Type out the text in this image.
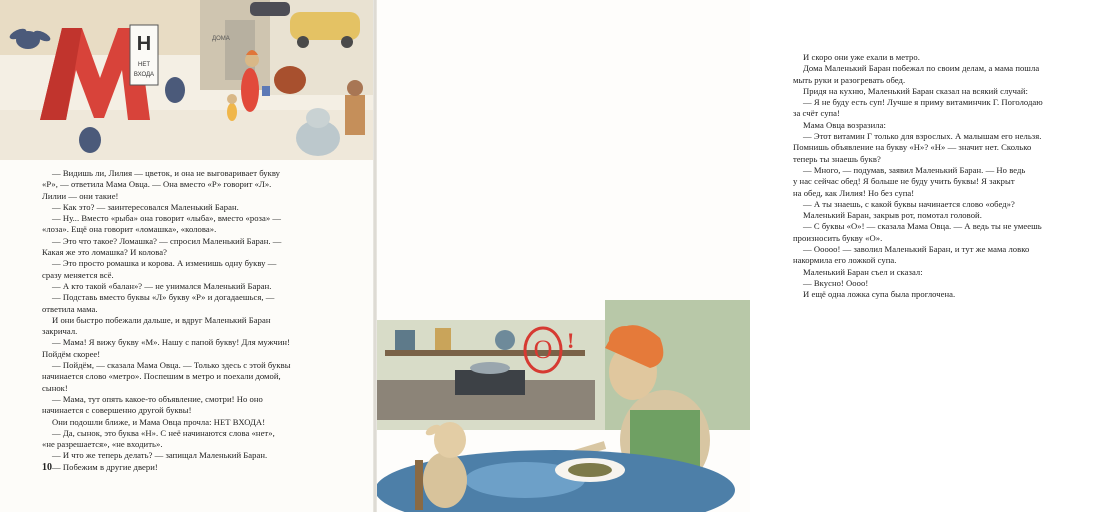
Н
НЕТ
ВХОДА
ДОМА

— Видишь ли, Лилия — цветок, и она не выговаривает букву

«Р», — ответила Мама Овца. — Она вместо «Р» говорит «Л».

Лилии — они такие!

— Как это? — заинтересовался Маленький Баран.

— Ну... Вместо «рыба» она говорит «лыба», вместо «роза» —

«лоза». Ещё она говорит «ломашка», «колова».

— Это что такое? Ломашка? — спросил Маленький Баран. —

Какая же это ломашка? И колова?

— Это просто ромашка и корова. А изменишь одну букву —

сразу меняется всё.

— А кто такой «балан»? — не унимался Маленький Баран.

— Подставь вместо буквы «Л» букву «Р» и догадаешься, —

ответила мама.

И они быстро побежали дальше, и вдруг Маленький Баран

закричал.

— Мама! Я вижу букву «М». Нашу с папой букву! Для мужчин!

Пойдём скорее!

— Пойдём, — сказала Мама Овца. — Только здесь с этой буквы

начинается слово «метро». Поспешим в метро и поехали домой,

сынок!

— Мама, тут опять какое-то объявление, смотри! Но оно

начинается с совершенно другой буквы!

Они подошли ближе, и Мама Овца прочла: НЕТ ВХОДА!

— Да, сынок, это буква «Н». С неё начинаются слова «нет»,

«не разрешается», «не входить».

— И что же теперь делать? — запищал Маленький Баран.

— Побежим в другие двери!

10

И скоро они уже ехали в метро.

Дома Маленький Баран побежал по своим делам, а мама пошла

мыть руки и разогревать обед.

Придя на кухню, Маленький Баран сказал на всякий случай:

— Я не буду есть суп! Лучше я приму витаминчик Г. Поголодаю

за счёт супа!

Мама Овца возразила:

— Этот витамин Г только для взрослых. А малышам его нельзя.

Помнишь объявление на букву «Н»? «Н» — значит нет. Сколько

теперь ты знаешь букв?

— Много, — подумав, заявил Маленький Баран. — Но ведь

у нас сейчас обед! Я больше не буду учить буквы! Я закрыт

на обед, как Лилия! Но без супа!

— А ты знаешь, с какой буквы начинается слово «обед»?

Маленький Баран, закрыв рот, помотал головой.

— С буквы «О»! — сказала Мама Овца. — А ведь ты не умеешь

произносить букву «О».

— Ооооо! — заволил Маленький Баран, и тут же мама ловко

накормила его ложкой супа.

Маленький Баран съел и сказал:

— Вкусно! Оооо!

И ещё одна ложка супа была проглочена.

O !
